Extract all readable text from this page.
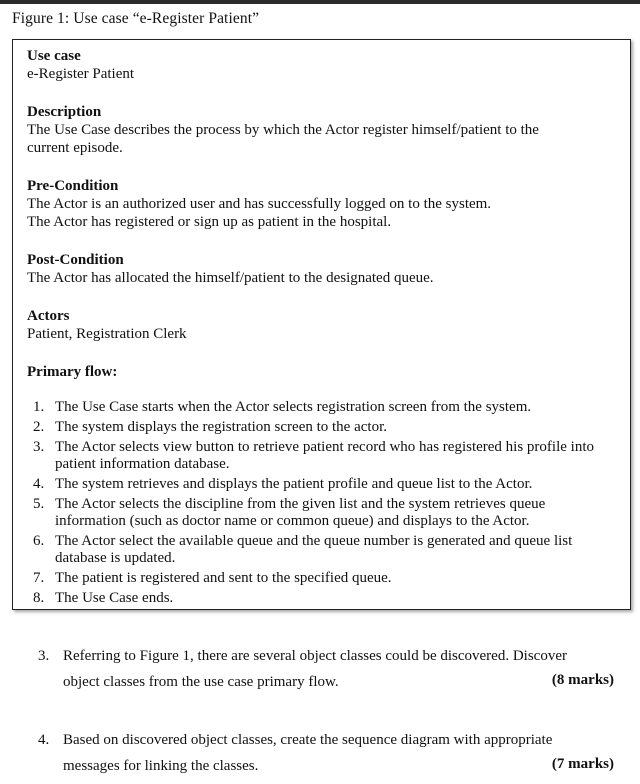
Figure 1: Use case “e-Register Patient”
Use case
e-Register Patient
Description
The Use Case describes the process by which the Actor register himself/patient to the
current episode.
Pre-Condition
The Actor is an authorized user and has successfully logged on to the system.
The Actor has registered or sign up as patient in the hospital.
Post-Condition
The Actor has allocated the himself/patient to the designated queue.
Actors
Patient, Registration Clerk
Primary flow:
1. The Use Case starts when the Actor selects registration screen from the system.
2. The system displays the registration screen to the actor.
3. The Actor selects view button to retrieve patient record who has registered his profile into patient information database.
4. The system retrieves and displays the patient profile and queue list to the Actor.
5. The Actor selects the discipline from the given list and the system retrieves queue information (such as doctor name or common queue) and displays to the Actor.
6. The Actor select the available queue and the queue number is generated and queue list database is updated.
7. The patient is registered and sent to the specified queue.
8. The Use Case ends.
3. Referring to Figure 1, there are several object classes could be discovered. Discover
object classes from the use case primary flow.	(8 marks)
4. Based on discovered object classes, create the sequence diagram with appropriate
messages for linking the classes.	(7 marks)
